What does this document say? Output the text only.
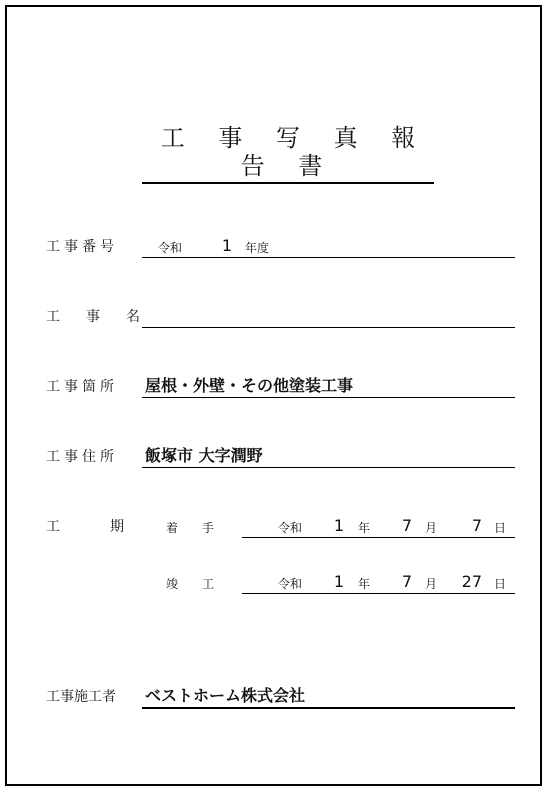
工 事 写 真 報 告 書
工事番号	令和 1 年度
工　事　名
工事箇所 屋根・外壁・その他塗装工事
工事住所 飯塚市 大字潤野
工　　　期	着　　手	令和	1 年	7 月	7 日
竣　　工	令和	1 年	7 月 27 日
工事施工者 ベストホーム株式会社
